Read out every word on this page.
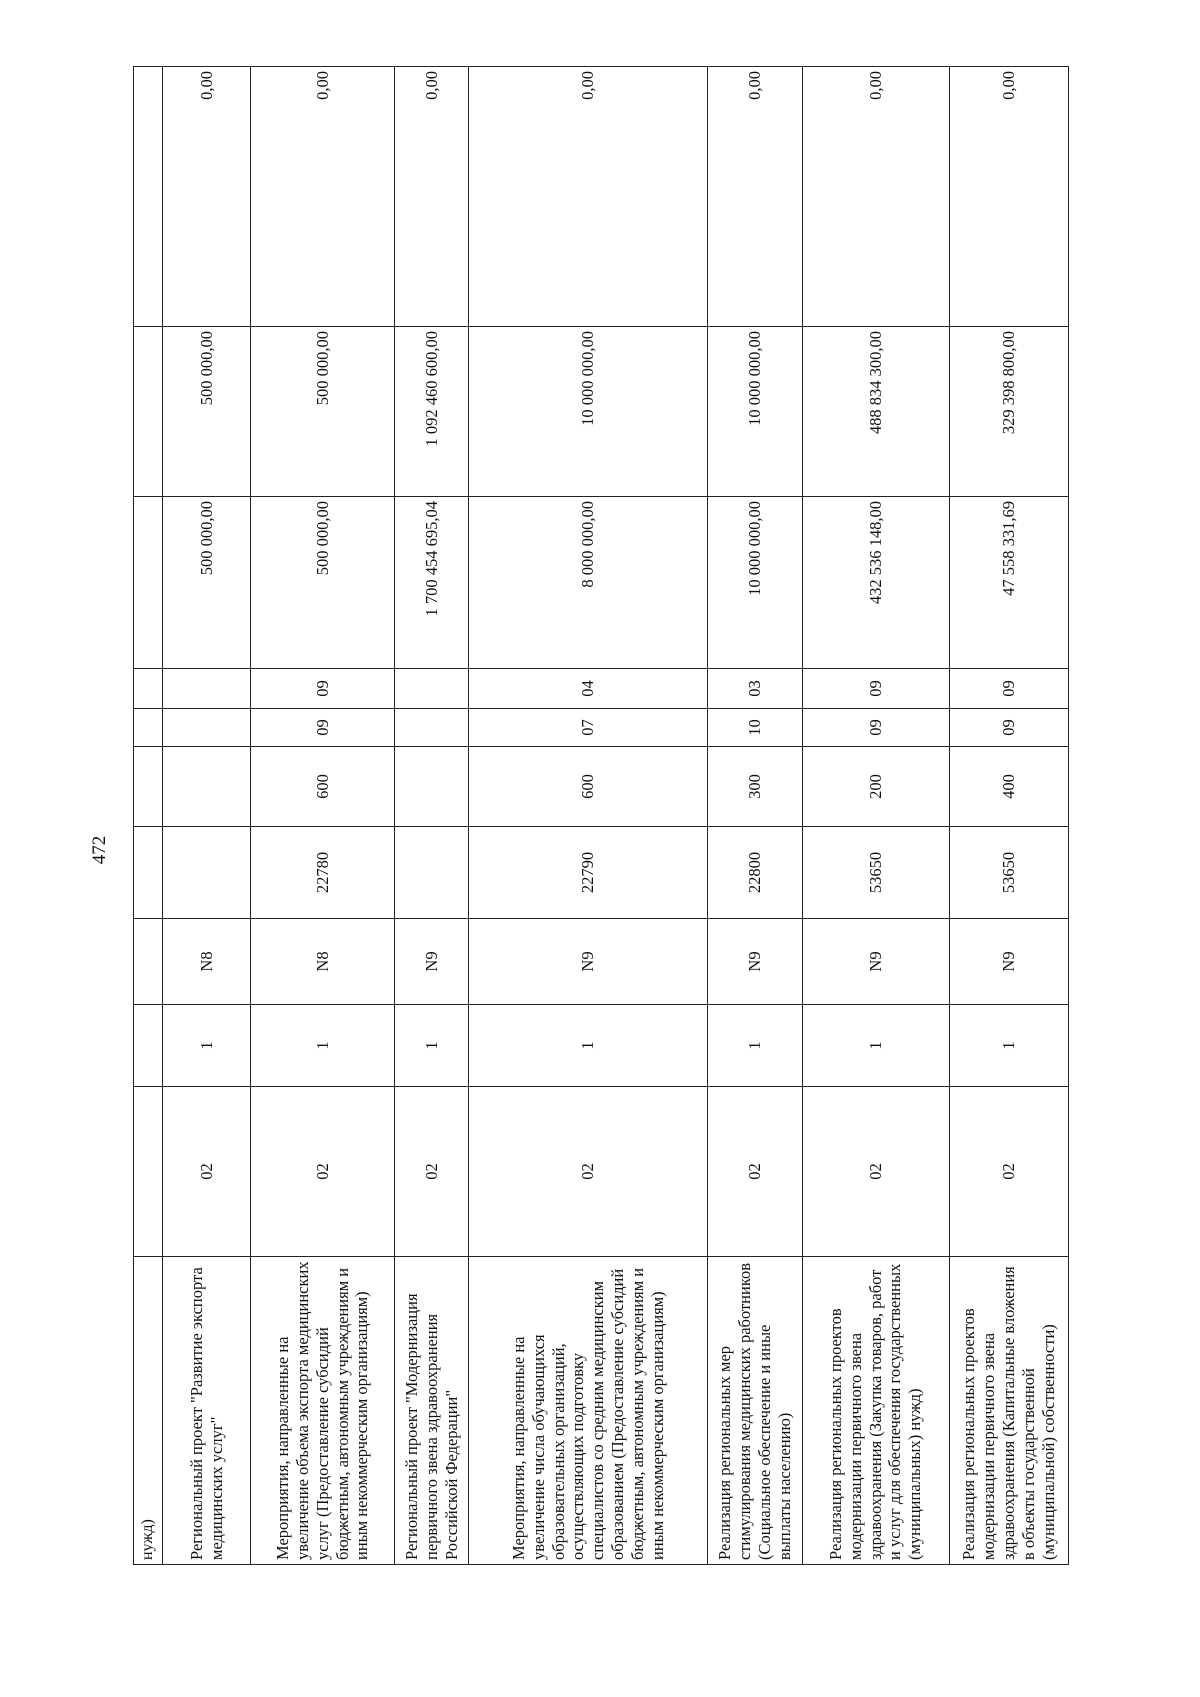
472
нужд)										
Региональный проект "Развитие экспорта медицинских услуг"	02	1	N8					500 000,00	500 000,00	0,00
Мероприятия, направленные на увеличение объема экспорта медицинских услуг (Предоставление субсидий бюджетным, автономным учреждениям и иным некоммерческим организациям)	02	1	N8	22780	600	09	09	500 000,00	500 000,00	0,00
Региональный проект "Модернизация первичного звена здравоохранения Российской Федерации"	02	1	N9					1 700 454 695,04	1 092 460 600,00	0,00
Мероприятия, направленные на увеличение числа обучающихся образовательных организаций, осуществляющих подготовку специалистов со средним медицинским образованием (Предоставление субсидий бюджетным, автономным учреждениям и иным некоммерческим организациям)	02	1	N9	22790	600	07	04	8 000 000,00	10 000 000,00	0,00
Реализация региональных мер стимулирования медицинских работников (Социальное обеспечение и иные выплаты населению)	02	1	N9	22800	300	10	03	10 000 000,00	10 000 000,00	0,00
Реализация региональных проектов модернизации первичного звена здравоохранения (Закупка товаров, работ и услуг для обеспечения государственных (муниципальных) нужд)	02	1	N9	53650	200	09	09	432 536 148,00	488 834 300,00	0,00
Реализация региональных проектов модернизации первичного звена здравоохранения (Капитальные вложения в объекты государственной (муниципальной) собственности)	02	1	N9	53650	400	09	09	47 558 331,69	329 398 800,00	0,00
